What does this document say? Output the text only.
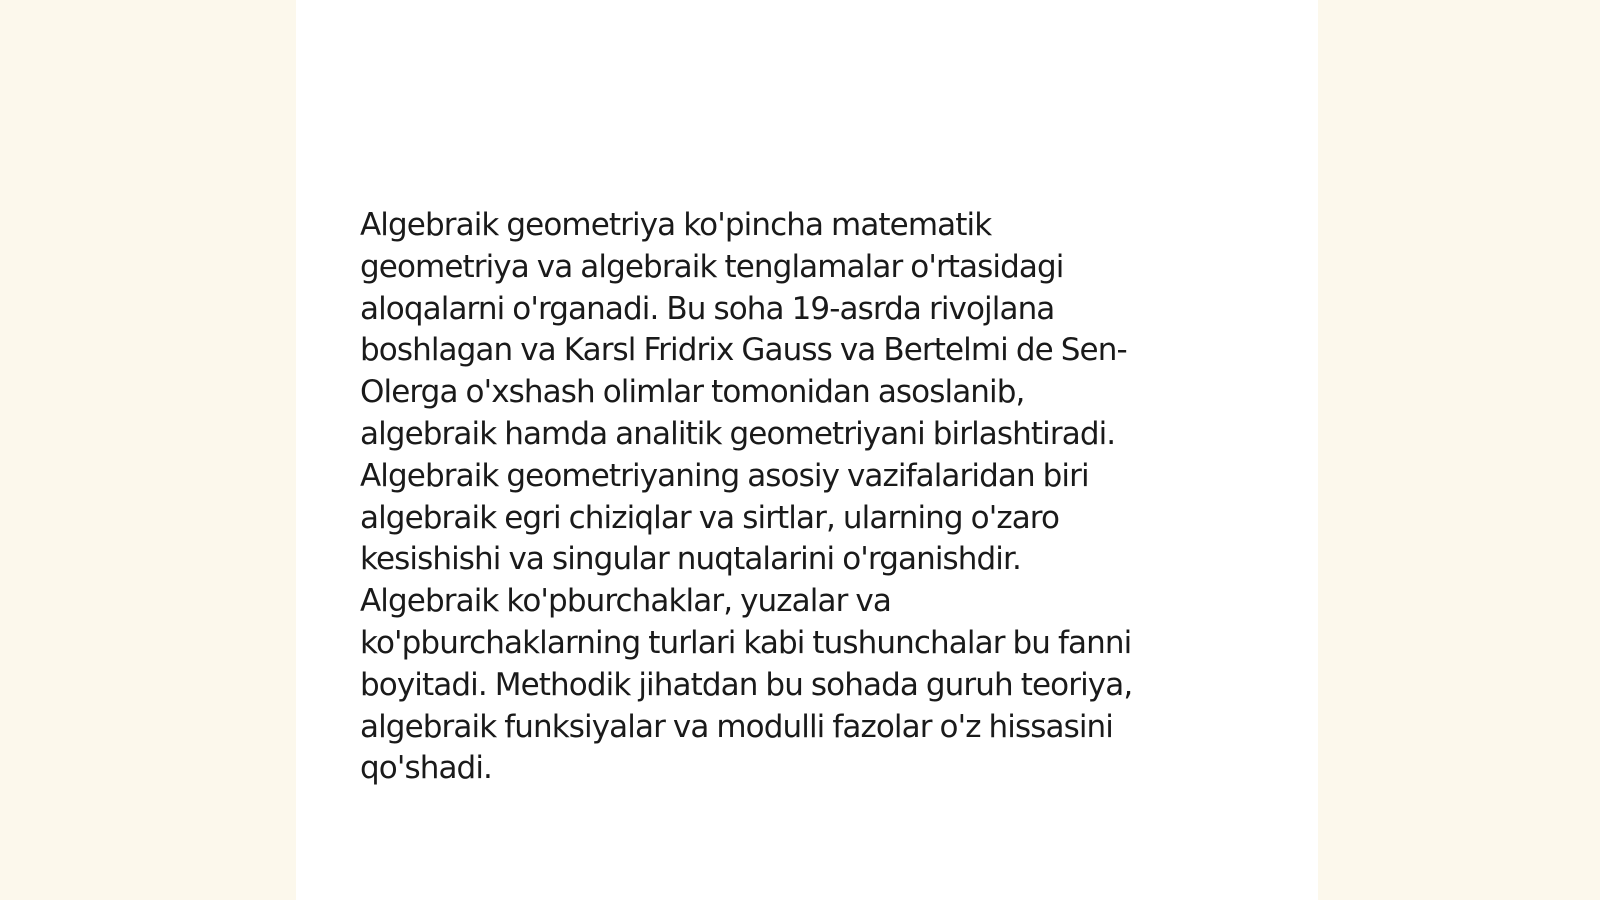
Algebraik geometriya ko'pincha matematik
geometriya va algebraik tenglamalar o'rtasidagi
aloqalarni o'rganadi. Bu soha 19-asrda rivojlana
boshlagan va Karsl Fridrix Gauss va Bertelmi de Sen-
Olerga o'xshash olimlar tomonidan asoslanib,
algebraik hamda analitik geometriyani birlashtiradi.
Algebraik geometriyaning asosiy vazifalaridan biri
algebraik egri chiziqlar va sirtlar, ularning o'zaro
kesishishi va singular nuqtalarini o'rganishdir.
Algebraik ko'pburchaklar, yuzalar va
ko'pburchaklarning turlari kabi tushunchalar bu fanni
boyitadi. Methodik jihatdan bu sohada guruh teoriya,
algebraik funksiyalar va modulli fazolar o'z hissasini
qo'shadi.
